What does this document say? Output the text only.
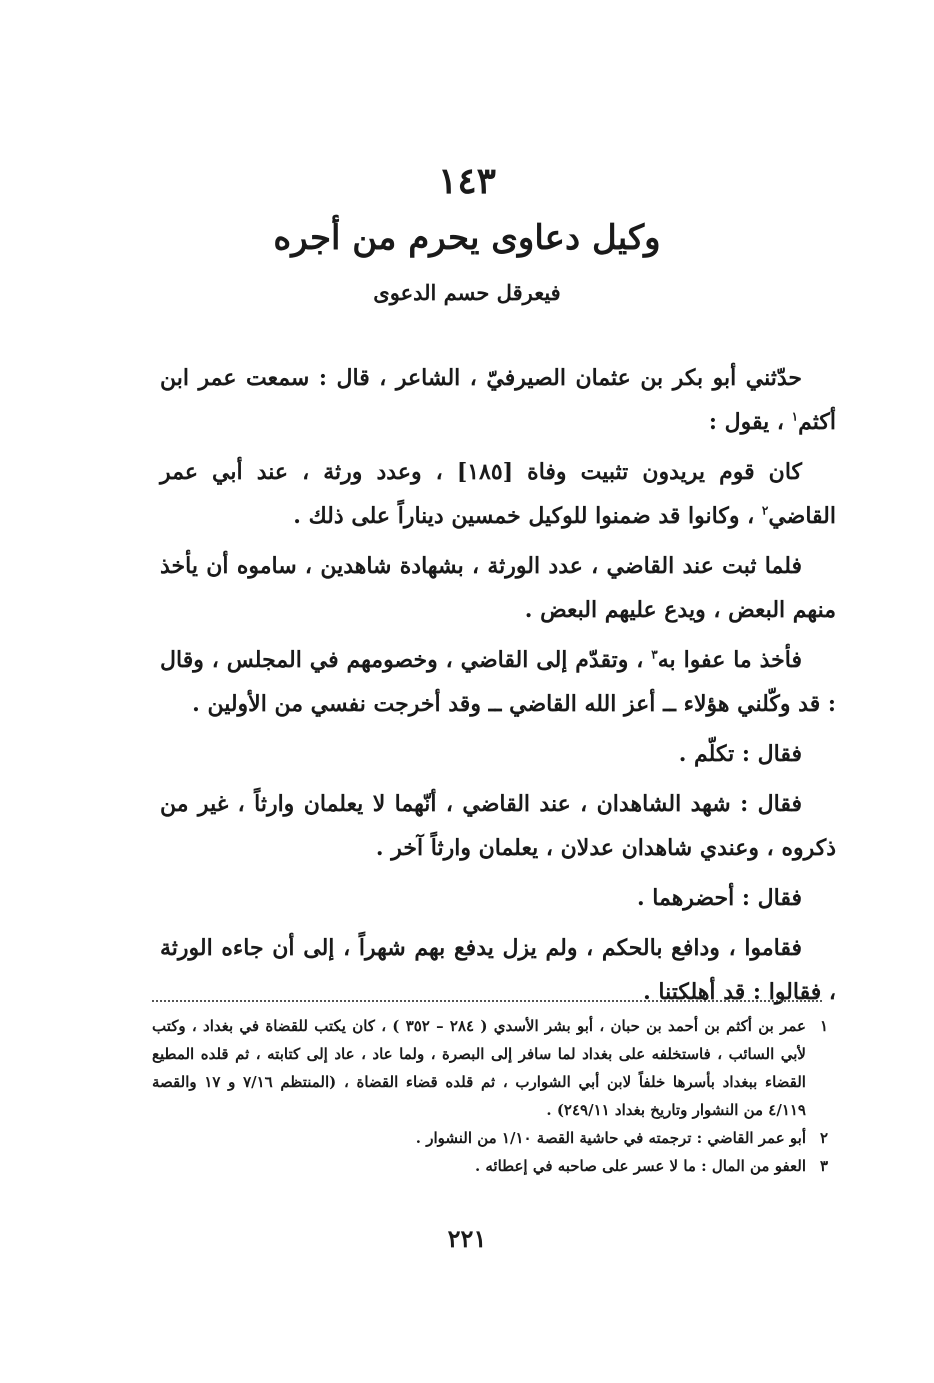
١٤٣
وكيل دعاوى يحرم من أجره
فيعرقل حسم الدعوى

حدّثني أبو بكر بن عثمان الصيرفيّ ، الشاعر ، قال : سمعت عمر ابن أكثم$^١$ ، يقول :

كان قوم يريدون تثبيت وفاة [١٨٥] ، وعدد ورثة ، عند أبي عمر القاضي$^٢$ ، وكانوا قد ضمنوا للوكيل خمسين ديناراً على ذلك .

فلما ثبت عند القاضي ، عدد الورثة ، بشهادة شاهدين ، ساموه أن يأخذ منهم البعض ، ويدع عليهم البعض .

فأخذ ما عفوا به$^٣$ ، وتقدّم إلى القاضي ، وخصومهم في المجلس ، وقال : قد وكّلني هؤلاء ــ أعز الله القاضي ــ وقد أخرجت نفسي من الأولين .

فقال : تكلّم .

فقال : شهد الشاهدان ، عند القاضي ، أنّهما لا يعلمان وارثاً ، غير من ذكروه ، وعندي شاهدان عدلان ، يعلمان وارثاً آخر .

فقال : أحضرهما .

فقاموا ، ودافع بالحكم ، ولم يزل يدفع بهم شهراً ، إلى أن جاءه الورثة ، فقالوا : قد أهلكتنا .

١
عمر بن أكثم بن أحمد بن حبان ، أبو بشر الأسدي ( ٢٨٤ – ٣٥٢ ) ، كان يكتب للقضاة في بغداد ، وكتب لأبي السائب ، فاستخلفه على بغداد لما سافر إلى البصرة ، ولما عاد ، عاد إلى كتابته ، ثم قلده المطيع القضاء ببغداد بأسرها خلفاً لابن أبي الشوارب ، ثم قلده قضاء القضاة ، (المنتظم ٧/١٦ و ١٧ والقصة ٤/١١٩ من النشوار وتاريخ بغداد ٢٤٩/١١) .
٢
أبو عمر القاضي : ترجمته في حاشية القصة ١/١٠ من النشوار .
٣
العفو من المال : ما لا عسر على صاحبه في إعطائه .
٢٢١
